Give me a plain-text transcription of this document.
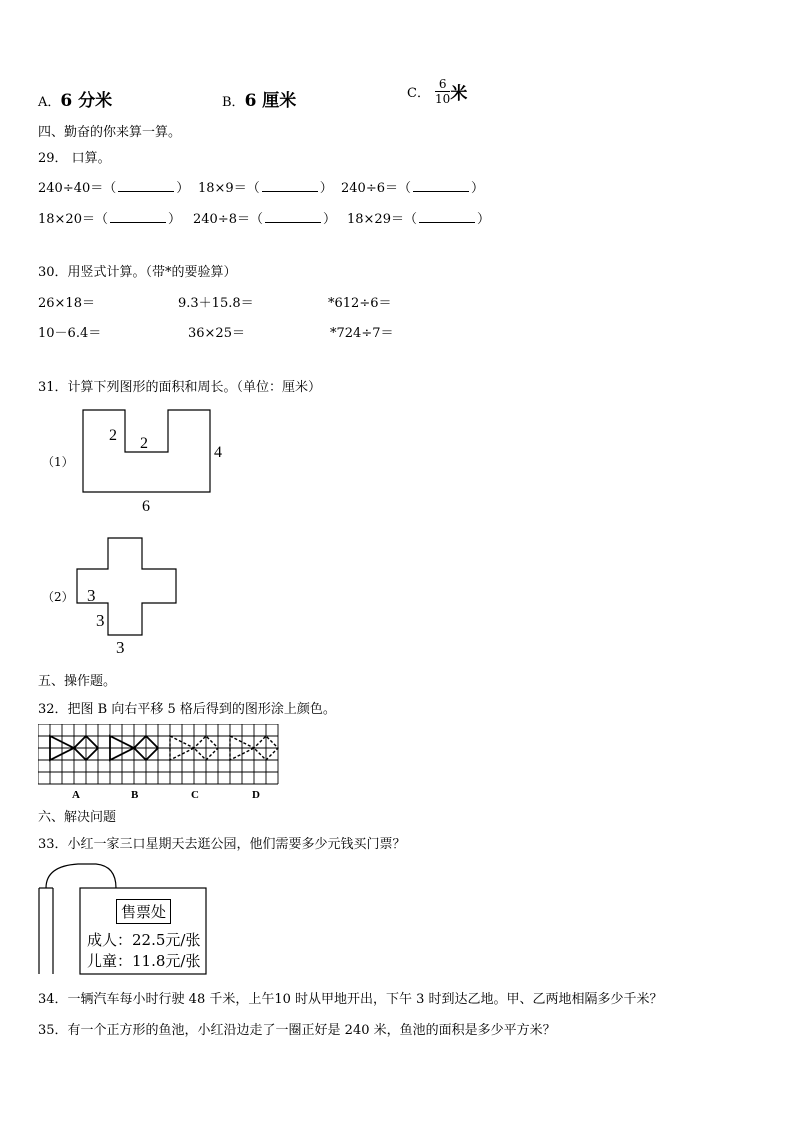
A．6 分米	B．6 厘米	C． $\frac{6}{10}$ 米
四、勤奋的你来算一算。
29． 口算。
240÷40＝（	） 18×9＝（	） 240÷6＝（	）
18×20＝（	） 240÷8＝（	） 18×29＝（	）
30．用竖式计算。（带*的要验算）
26×18＝	9.3＋15.8＝	*612÷6＝
10－6.4＝	36×25＝	*724÷7＝
31．计算下列图形的面积和周长。（单位：厘米）
（1）
2 2
4
6
（2） 3
3
3
五、操作题。
32．把图 B 向右平移 5 格后得到的图形涂上颜色。
A	B	C	D
六、解决问题
33．小红一家三口星期天去逛公园，他们需要多少元钱买门票？
售票处
成人：22.5元/张
儿童：11.8元/张
34．一辆汽车每小时行驶 48 千米，上午10 时从甲地开出，下午 3 时到达乙地。甲、乙两地相隔多少千米？
35．有一个正方形的鱼池，小红沿边走了一圈正好是 240 米，鱼池的面积是多少平方米？
